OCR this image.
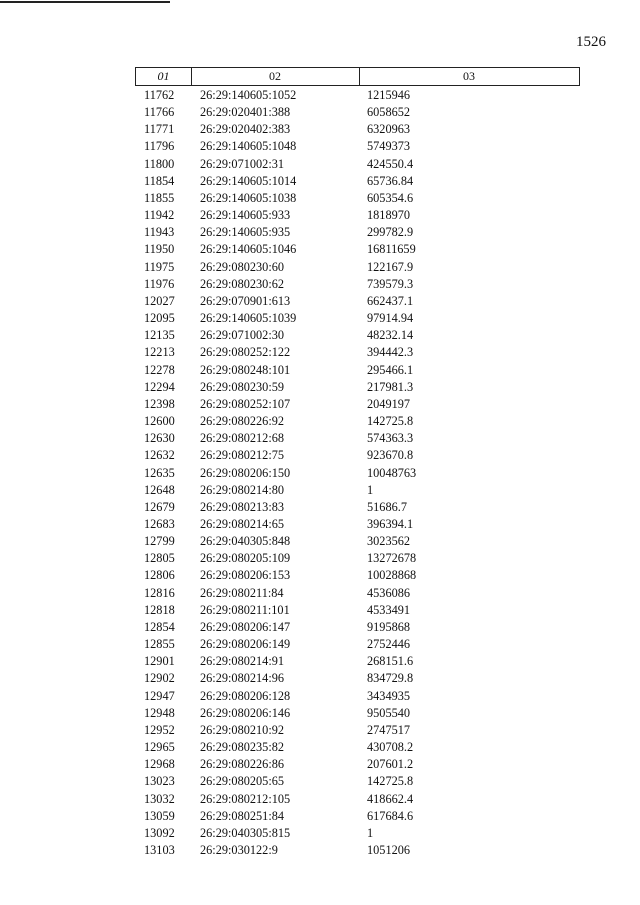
1526
01	02	03
11762 26:29:140605:1052	1215946
11766 26:29:020401:388	6058652
11771 26:29:020402:383	6320963
11796 26:29:140605:1048	5749373
11800 26:29:071002:31	424550.4
11854 26:29:140605:1014	65736.84
11855 26:29:140605:1038	605354.6
11942 26:29:140605:933	1818970
11943 26:29:140605:935	299782.9
11950 26:29:140605:1046	16811659
11975 26:29:080230:60	122167.9
11976 26:29:080230:62	739579.3
12027 26:29:070901:613	662437.1
12095 26:29:140605:1039	97914.94
12135 26:29:071002:30	48232.14
12213 26:29:080252:122	394442.3
12278 26:29:080248:101	295466.1
12294 26:29:080230:59	217981.3
12398 26:29:080252:107	2049197
12600 26:29:080226:92	142725.8
12630 26:29:080212:68	574363.3
12632 26:29:080212:75	923670.8
12635 26:29:080206:150	10048763
12648 26:29:080214:80	1
12679 26:29:080213:83	51686.7
12683 26:29:080214:65	396394.1
12799 26:29:040305:848	3023562
12805 26:29:080205:109	13272678
12806 26:29:080206:153	10028868
12816 26:29:080211:84	4536086
12818 26:29:080211:101	4533491
12854 26:29:080206:147	9195868
12855 26:29:080206:149	2752446
12901 26:29:080214:91	268151.6
12902 26:29:080214:96	834729.8
12947 26:29:080206:128	3434935
12948 26:29:080206:146	9505540
12952 26:29:080210:92	2747517
12965 26:29:080235:82	430708.2
12968 26:29:080226:86	207601.2
13023 26:29:080205:65	142725.8
13032 26:29:080212:105	418662.4
13059 26:29:080251:84	617684.6
13092 26:29:040305:815	1
13103 26:29:030122:9	1051206
